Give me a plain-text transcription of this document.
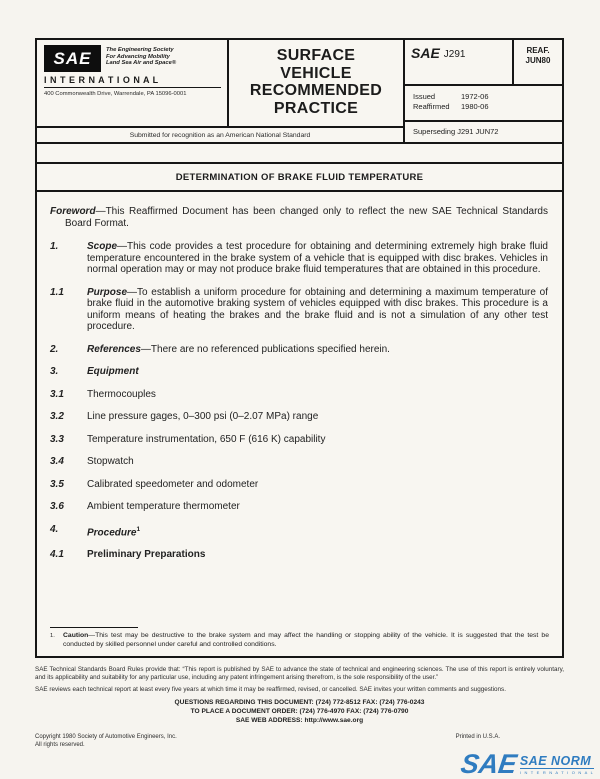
SAE	The Engineering Society
For Advancing Mobility
Land Sea Air and Space®
I N T E R N A T I O N A L
400 Commonwealth Drive, Warrendale, PA 15096-0001
SURFACE
VEHICLE
RECOMMENDED
PRACTICE
Submitted for recognition as an American National Standard
SAE J291	REAF.
JUN80
Issued	1972-06
Reaffirmed	1980-06
Superseding J291 JUN72
DETERMINATION OF BRAKE FLUID TEMPERATURE
Foreword—This Reaffirmed Document has been changed only to reflect the new SAE Technical Standards Board Format.
1.	Scope—This code provides a test procedure for obtaining and determining extremely high brake fluid temperature encountered in the brake system of a vehicle that is equipped with disc brakes. Vehicles in normal operation may or may not produce brake fluid temperatures that are obtained in this procedure.
1.1	Purpose—To establish a uniform procedure for obtaining and determining a maximum temperature of brake fluid in the automotive braking system of vehicles equipped with disc brakes. This procedure is a uniform means of heating the brakes and the brake fluid and is not a simulation of any other test procedure.
2.	References—There are no referenced publications specified herein.
3.	Equipment
3.1	Thermocouples
3.2	Line pressure gages, 0–300 psi (0–2.07 MPa) range
3.3	Temperature instrumentation, 650 F (616 K) capability
3.4	Stopwatch
3.5	Calibrated speedometer and odometer
3.6	Ambient temperature thermometer
4.	Procedure$^1$
4.1	Preliminary Preparations
1.	Caution—This test may be destructive to the brake system and may affect the handling or stopping ability of the vehicle. It is suggested that the test be conducted by skilled personnel under careful and controlled conditions.
SAE Technical Standards Board Rules provide that: “This report is published by SAE to advance the state of technical and engineering sciences. The use of this report is entirely voluntary, and its applicability and suitability for any particular use, including any patent infringement arising therefrom, is the sole responsibility of the user.”
SAE reviews each technical report at least every five years at which time it may be reaffirmed, revised, or cancelled. SAE invites your written comments and suggestions.
QUESTIONS REGARDING THIS DOCUMENT: (724) 772-8512 FAX: (724) 776-0243
TO PLACE A DOCUMENT ORDER: (724) 776-4970 FAX: (724) 776-0790
SAE WEB ADDRESS: http://www.sae.org
Copyright 1980 Society of Automotive Engineers, Inc.
All rights reserved.
Printed in U.S.A.
SAE SAE NORM
I N T E R N A T I O N A L
